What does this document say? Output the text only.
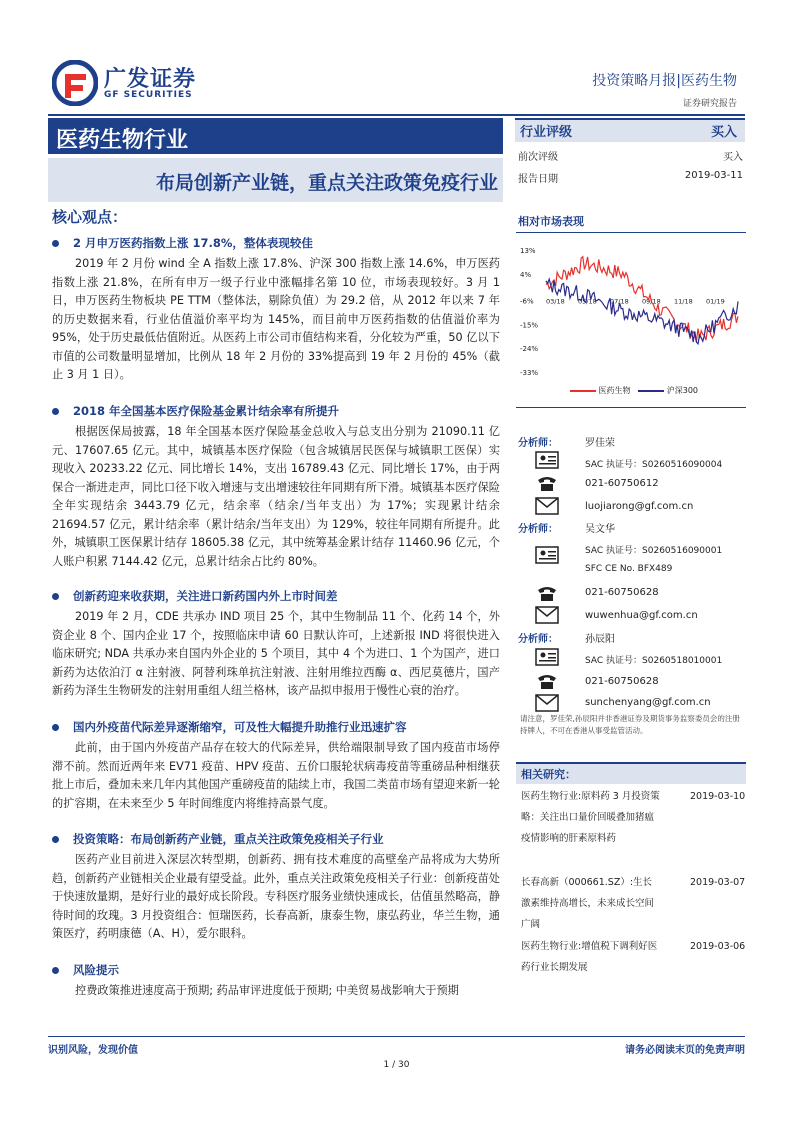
广发证券
GF SECURITIES
投资策略月报|医药生物
证券研究报告
医药生物行业
布局创新产业链，重点关注政策免疫行业
行业评级	买入
前次评级	买入
报告日期	2019-03-11
核心观点：
2 月申万医药指数上涨 17.8%，整体表现较佳
2019 年 2 月份 wind 全 A 指数上涨 17.8%、沪深 300 指数上涨 14.6%，申万医药指数上涨 21.8%，在所有申万一级子行业中涨幅排名第 10 位，市场表现较好。3 月 1 日，申万医药生物板块 PE TTM（整体法，剔除负值）为 29.2 倍，从 2012 年以来 7 年的历史数据来看，行业估值溢价率平均为 145%，而目前申万医药指数的估值溢价率为 95%，处于历史最低估值附近。从医药上市公司市值结构来看，分化较为严重，50 亿以下市值的公司数量明显增加，比例从 18 年 2 月份的 33%提高到 19 年 2 月份的 45%（截止 3 月 1 日）。
2018 年全国基本医疗保险基金累计结余率有所提升
根据医保局披露，18 年全国基本医疗保险基金总收入与总支出分别为 21090.11 亿元、17607.65 亿元。其中，城镇基本医疗保险（包含城镇居民医保与城镇职工医保）实现收入 20233.22 亿元、同比增长 14%，支出 16789.43 亿元、同比增长 17%，由于两保合一渐进走声，同比口径下收入增速与支出增速较往年同期有所下滑。城镇基本医疗保险全年实现结余 3443.79 亿元，结余率（结余/当年支出）为 17%；实现累计结余 21694.57 亿元，累计结余率（累计结余/当年支出）为 129%，较往年同期有所提升。此外，城镇职工医保累计结存 18605.38 亿元，其中统筹基金累计结存 11460.96 亿元，个人账户积累 7144.42 亿元，总累计结余占比约 80%。
创新药迎来收获期，关注进口新药国内外上市时间差
2019 年 2 月，CDE 共承办 IND 项目 25 个，其中生物制品 11 个、化药 14 个，外资企业 8 个、国内企业 17 个，按照临床申请 60 日默认许可，上述新报 IND 将很快进入临床研究; NDA 共承办来自国内外企业的 5 个项目，其中 4 个为进口、1 个为国产，进口新药为达依泊汀 α 注射液、阿替利珠单抗注射液、注射用维拉西酶 α、西尼莫德片，国产新药为泽生生物研发的注射用重组人纽兰格林，该产品拟申报用于慢性心衰的治疗。
国内外疫苗代际差异逐渐缩窄，可及性大幅提升助推行业迅速扩容
此前，由于国内外疫苗产品存在较大的代际差异，供给端限制导致了国内疫苗市场停滞不前。然而近两年来 EV71 疫苗、HPV 疫苗、五价口服轮状病毒疫苗等重磅品种相继获批上市后，叠加未来几年内其他国产重磅疫苗的陆续上市，我国二类苗市场有望迎来新一轮的扩容期，在未来至少 5 年时间维度内将维持高景气度。
投资策略：布局创新药产业链，重点关注政策免疫相关子行业
医药产业目前进入深层次转型期，创新药、拥有技术难度的高壁垒产品将成为大势所趋，创新药产业链相关企业最有望受益。此外，重点关注政策免疫相关子行业：创新疫苗处于快速放量期，是好行业的最好成长阶段。专科医疗服务业绩快速成长，估值虽然略高，静待时间的玫瑰。3 月投资组合：恒瑞医药，长春高新，康泰生物，康弘药业，华兰生物，通策医疗，药明康德（A、H），爱尔眼科。
风险提示
控费政策推进速度高于预期; 药品审评进度低于预期; 中美贸易战影响大于预期
相对市场表现
13%
4%
-6%
-15%
-24%
-33%
03/18 05/18 07/18 09/18 11/18 01/19
医药生物	沪深300
分析师：	罗佳荣
SAC 执证号：S0260516090004
021-60750612
luojiarong@gf.com.cn
分析师：	吴文华
SAC 执证号：S0260516090001
SFC CE No. BFX489
021-60750628
wuwenhua@gf.com.cn
分析师：	孙辰阳
SAC 执证号：S0260518010001
021-60750628
sunchenyang@gf.com.cn
请注意，罗佳荣,孙辰阳并非香港证券及期货事务监察委员会的注册持牌人，不可在香港从事受监管活动。
相关研究：
医药生物行业:原料药 3 月投资策略：关注出口量价回暖叠加猪瘟疫情影响的肝素原料药
2019-03-10
长春高新（000661.SZ）:生长激素维持高增长，未来成长空间广阔
2019-03-07
医药生物行业:增值税下调利好医药行业长期发展
2019-03-06
识别风险，发现价值	请务必阅读末页的免责声明
1 / 30
